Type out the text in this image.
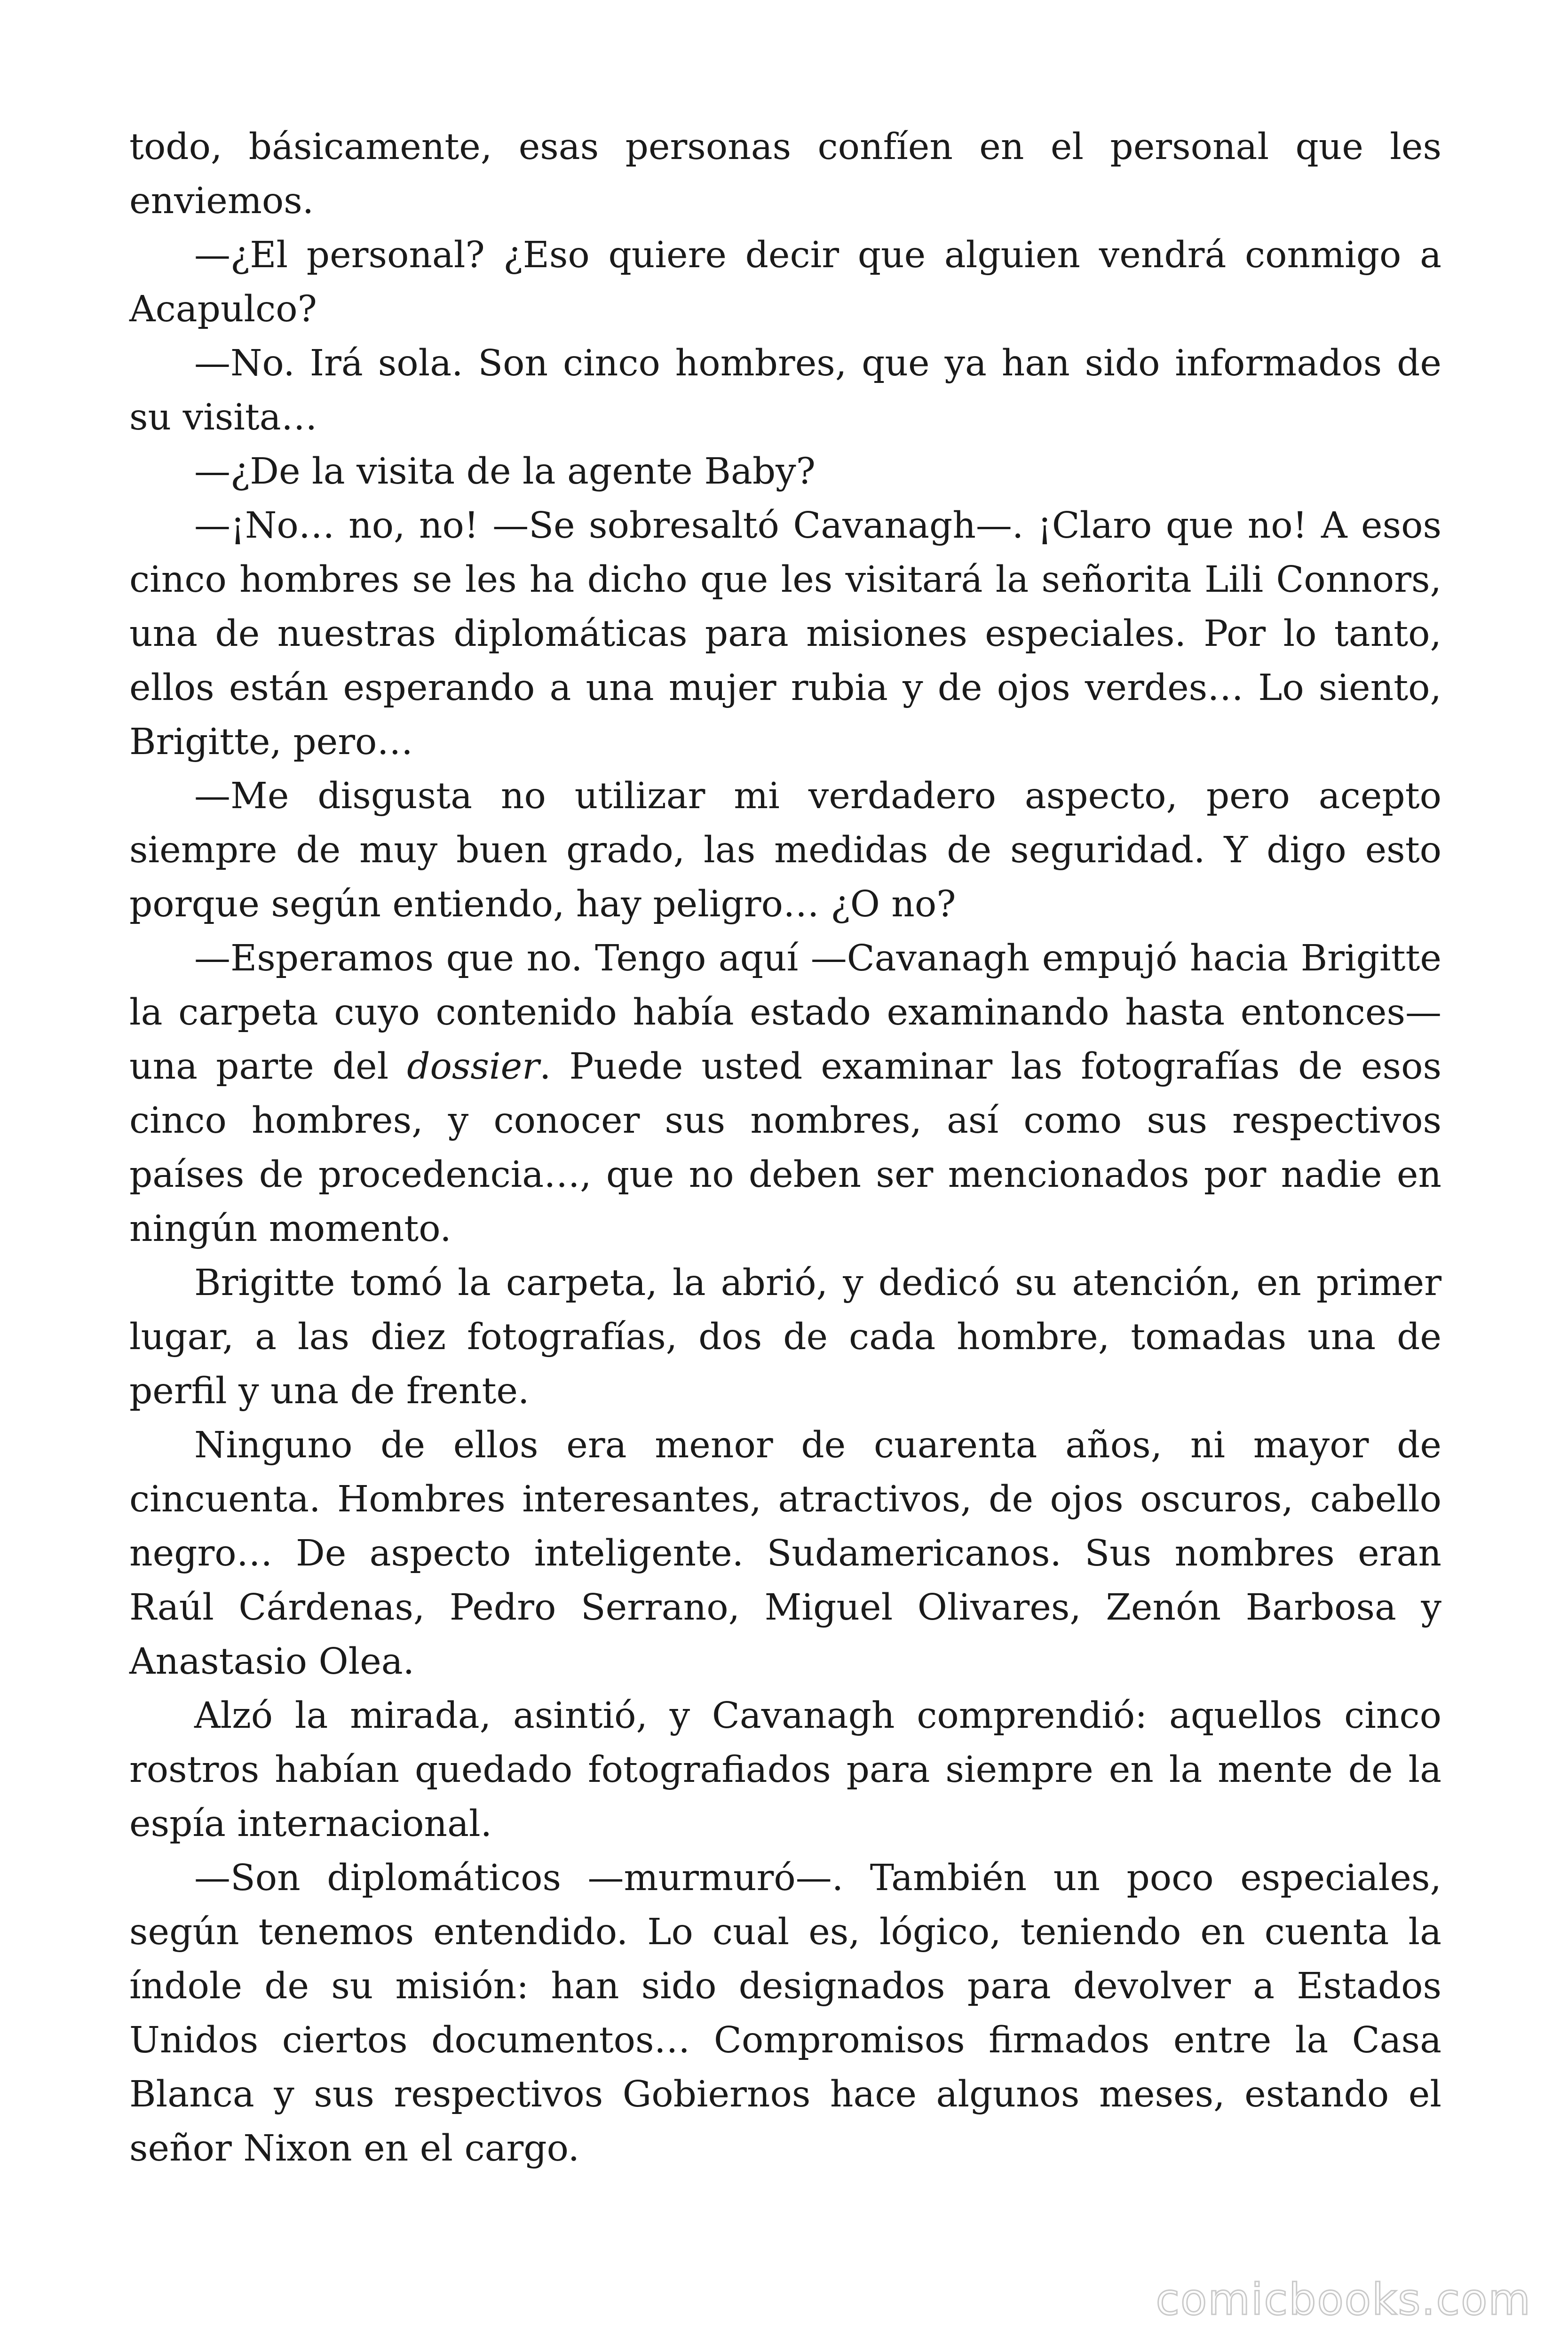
todo, básicamente, esas personas confíen en el personal que les enviemos.

—¿El personal? ¿Eso quiere decir que alguien vendrá conmigo a Acapulco?

—No. Irá sola. Son cinco hombres, que ya han sido informados de su visita…

—¿De la visita de la agente Baby?

—¡No… no, no! —Se sobresaltó Cavanagh—. ¡Claro que no! A esos cinco hombres se les ha dicho que les visitará la señorita Lili Connors, una de nuestras diplomáticas para misiones especiales. Por lo tanto, ellos están esperando a una mujer rubia y de ojos verdes… Lo siento, Brigitte, pero…

—Me disgusta no utilizar mi verdadero aspecto, pero acepto siempre de muy buen grado, las medidas de seguridad. Y digo esto porque según entiendo, hay peligro… ¿O no?

—Esperamos que no. Tengo aquí —Cavanagh empujó hacia Brigitte la carpeta cuyo contenido había estado examinando hasta entonces— una parte del dossier. Puede usted examinar las fotografías de esos cinco hombres, y conocer sus nombres, así como sus respectivos países de procedencia…, que no deben ser mencionados por nadie en ningún momento.

Brigitte tomó la carpeta, la abrió, y dedicó su atención, en primer lugar, a las diez fotografías, dos de cada hombre, tomadas una de perfil y una de frente.

Ninguno de ellos era menor de cuarenta años, ni mayor de cincuenta. Hombres interesantes, atractivos, de ojos oscuros, cabello negro… De aspecto inteligente. Sudamericanos. Sus nombres eran Raúl Cárdenas, Pedro Serrano, Miguel Olivares, Zenón Barbosa y Anastasio Olea.

Alzó la mirada, asintió, y Cavanagh comprendió: aquellos cinco rostros habían quedado fotografiados para siempre en la mente de la espía internacional.

—Son diplomáticos —murmuró—. También un poco especiales, según tenemos entendido. Lo cual es, lógico, teniendo en cuenta la índole de su misión: han sido designados para devolver a Estados Unidos ciertos documentos… Compromisos firmados entre la Casa Blanca y sus respectivos Gobiernos hace algunos meses, estando el señor Nixon en el cargo.

comicbooks.com
